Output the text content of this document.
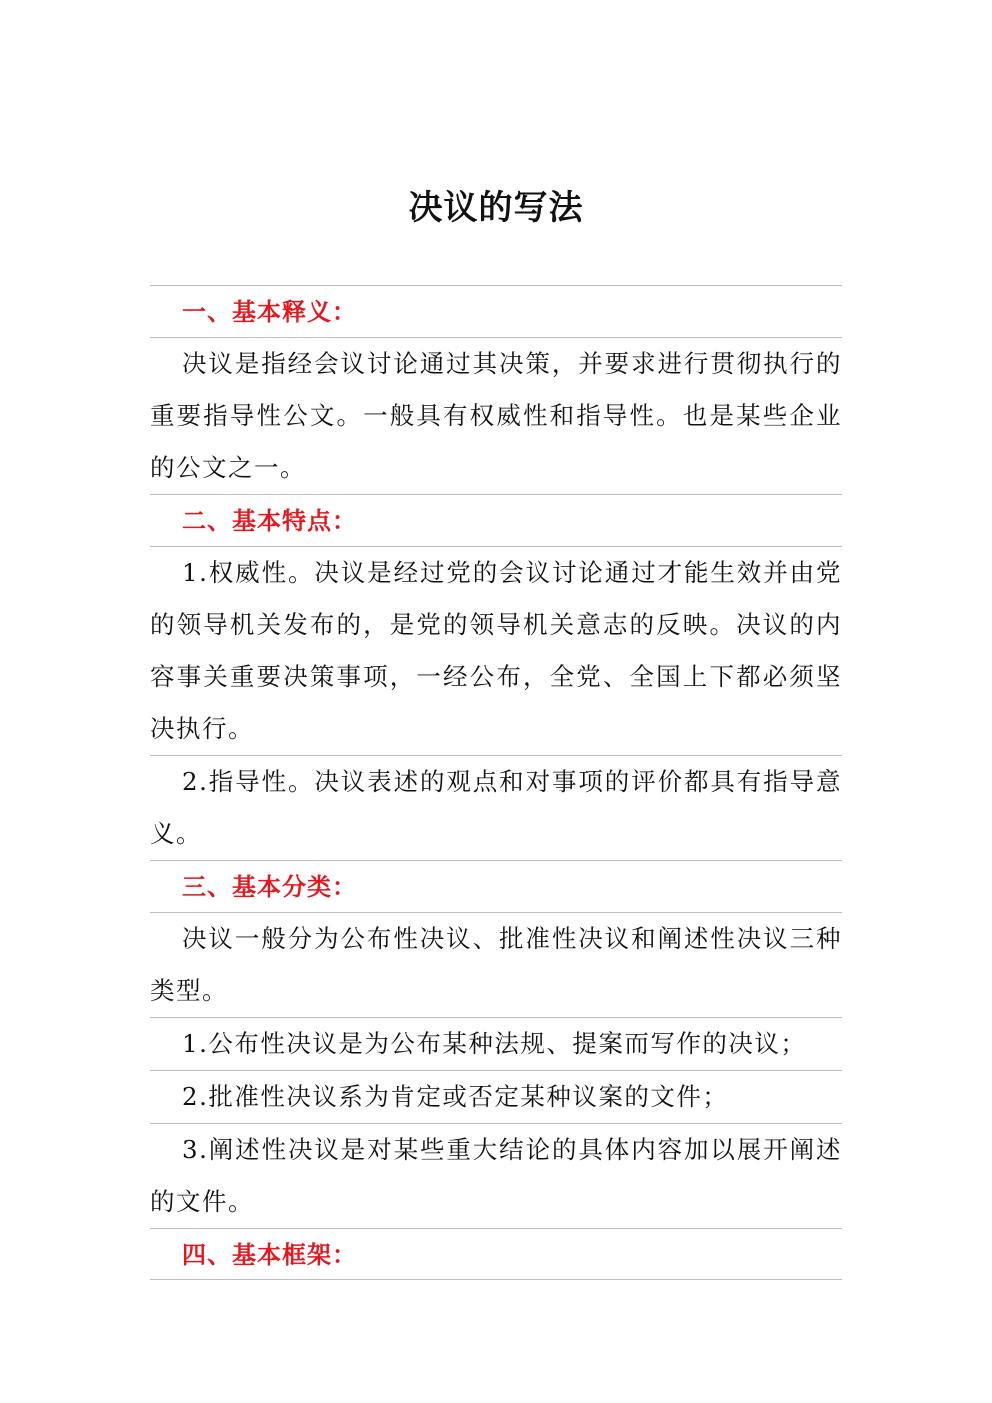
决议的写法
一、基本释义：
决议是指经会议讨论通过其决策，并要求进行贯彻执行的重要指导性公文。一般具有权威性和指导性。也是某些企业的公文之一。
二、基本特点：
1.权威性。决议是经过党的会议讨论通过才能生效并由党的领导机关发布的，是党的领导机关意志的反映。决议的内容事关重要决策事项，一经公布，全党、全国上下都必须坚决执行。
2.指导性。决议表述的观点和对事项的评价都具有指导意义。
三、基本分类：
决议一般分为公布性决议、批准性决议和阐述性决议三种类型。
1.公布性决议是为公布某种法规、提案而写作的决议；
2.批准性决议系为肯定或否定某种议案的文件；
3.阐述性决议是对某些重大结论的具体内容加以展开阐述的文件。
四、基本框架：
